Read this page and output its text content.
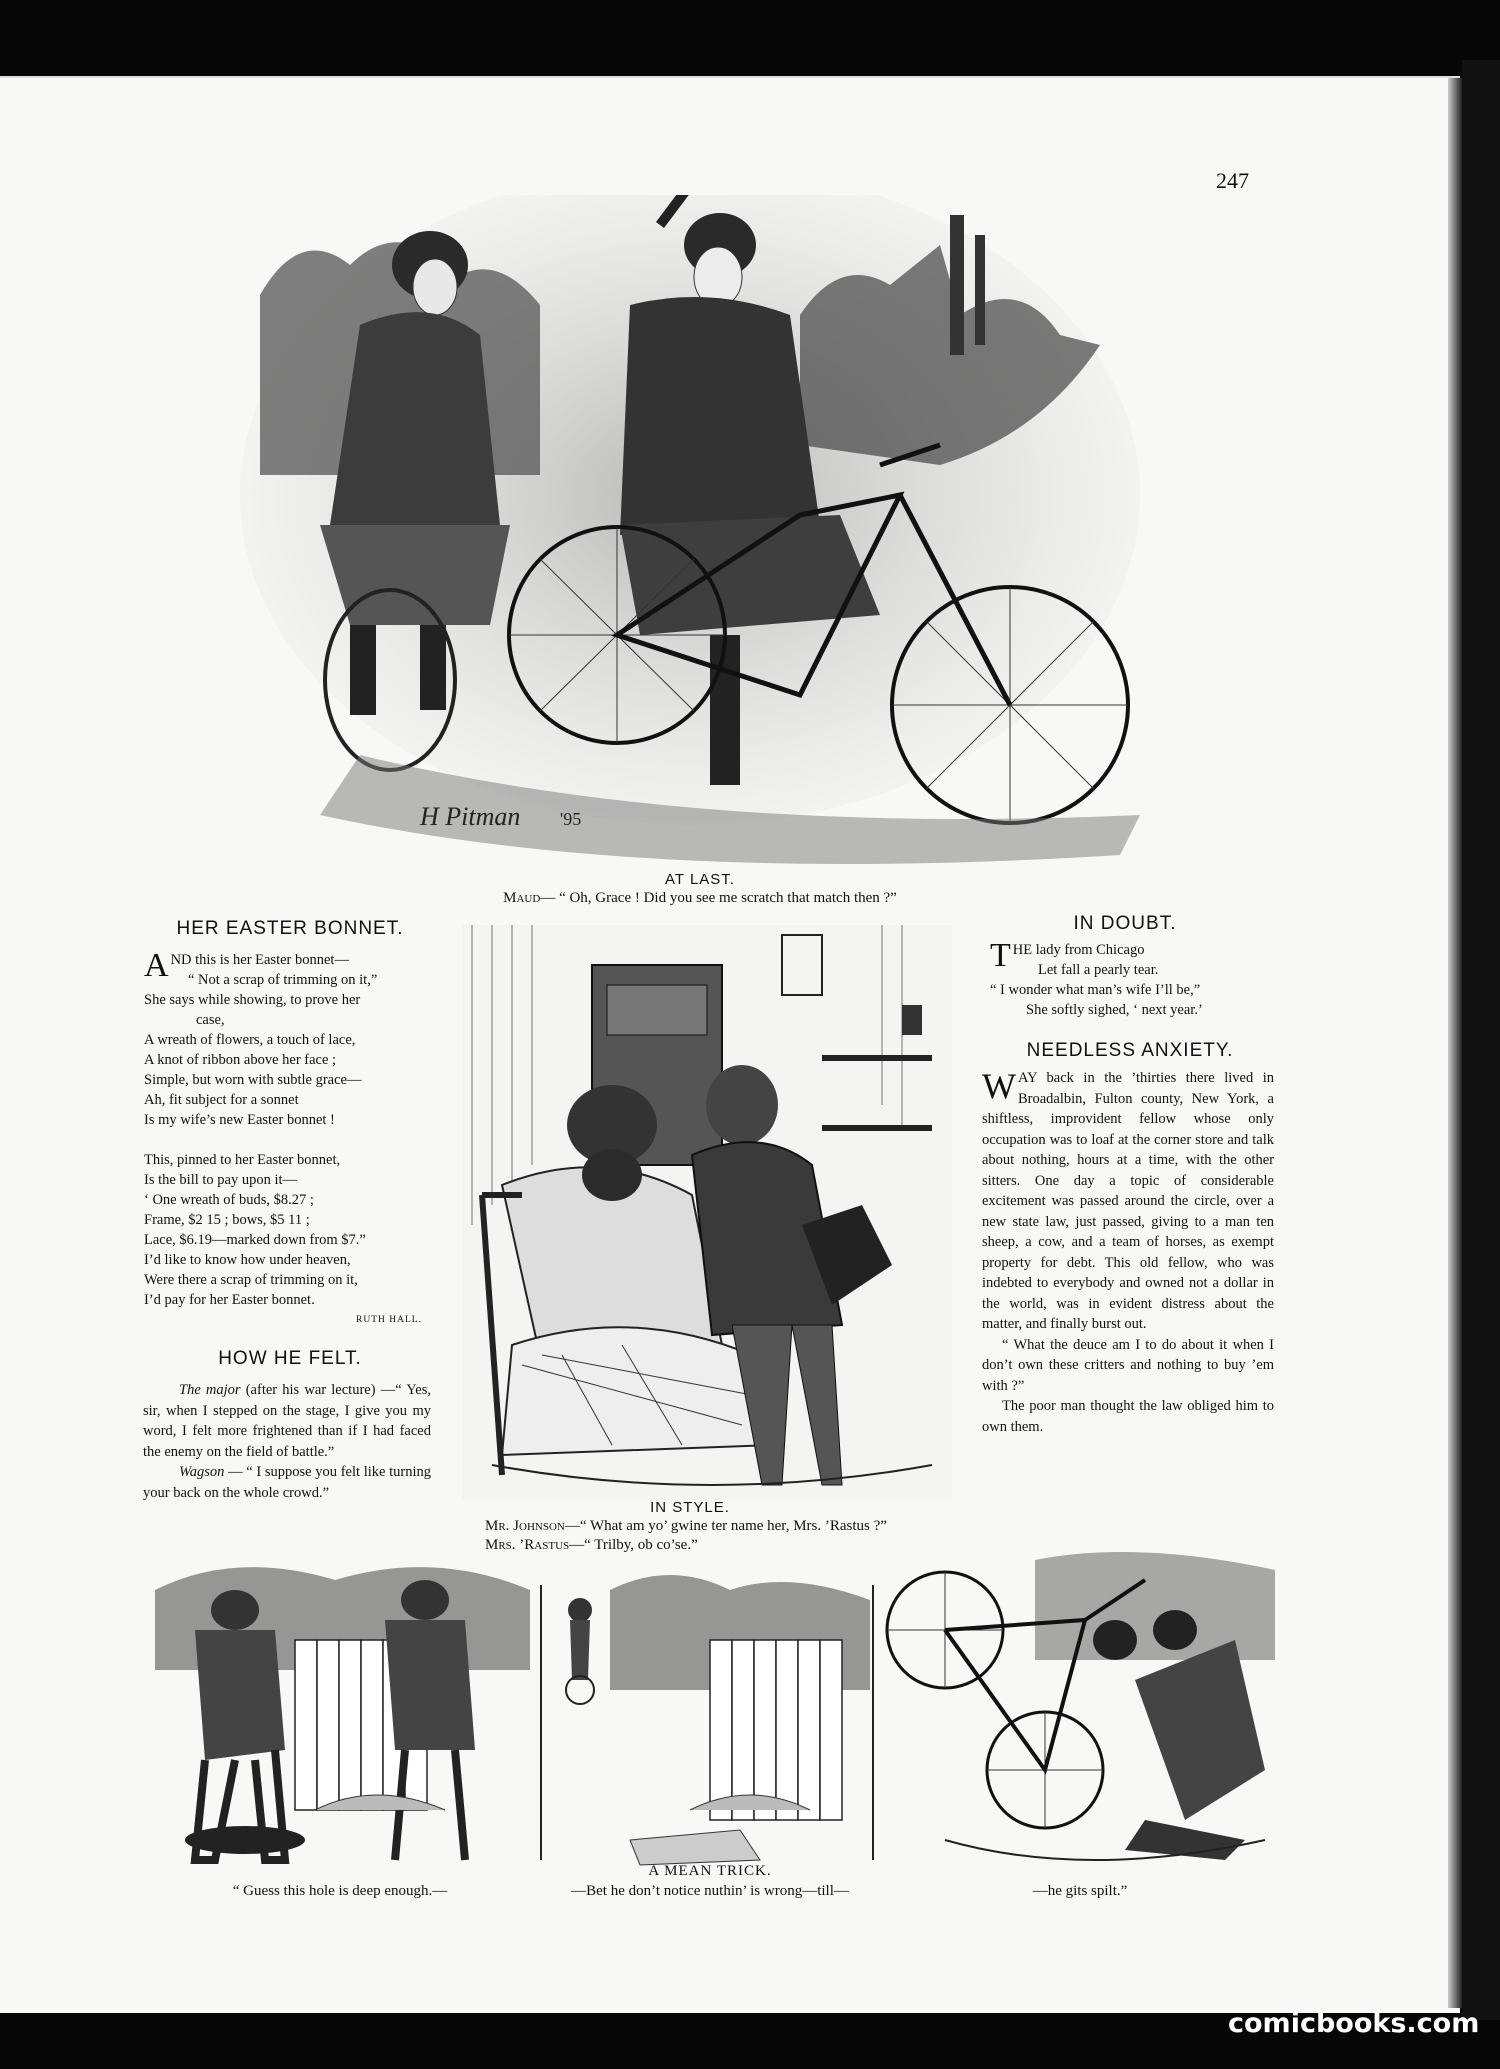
247
H Pitman '95
AT LAST.
Maud— “ Oh, Grace ! Did you see me scratch that match then ?”
HER EASTER BONNET.
AND this is her Easter bonnet—
“ Not a scrap of trimming on it,”
She says while showing, to prove her
case,
A wreath of flowers, a touch of lace,
A knot of ribbon above her face ;
Simple, but worn with subtle grace—
Ah, fit subject for a sonnet
Is my wife’s new Easter bonnet !
This, pinned to her Easter bonnet,
Is the bill to pay upon it—
‘ One wreath of buds, $8.27 ;
Frame, $2 15 ; bows, $5 11 ;
Lace, $6.19—marked down from $7.”
I’d like to know how under heaven,
Were there a scrap of trimming on it,
I’d pay for her Easter bonnet.
RUTH HALL.
HOW HE FELT.
The major (after his war lecture) —“ Yes, sir, when I stepped on the stage, I give you my word, I felt more frightened than if I had faced the enemy on the field of battle.”
Wagson — “ I suppose you felt like turning your back on the whole crowd.”
IN STYLE.
Mr. Johnson—“ What am yo’ gwine ter name her, Mrs. ’Rastus ?”
Mrs. ’Rastus—“ Trilby, ob co’se.”
IN DOUBT.
THE lady from Chicago
Let fall a pearly tear.
“ I wonder what man’s wife I’ll be,”
She softly sighed, ‘ next year.’
NEEDLESS ANXIETY.
WAY back in the ’thirties there lived in Broadalbin, Fulton county, New York, a shiftless, improvident fellow whose only occupation was to loaf at the corner store and talk about nothing, hours at a time, with the other sitters. One day a topic of considerable excitement was passed around the circle, over a new state law, just passed, giving to a man ten sheep, a cow, and a team of horses, as exempt property for debt. This old fellow, who was indebted to everybody and owned not a dollar in the world, was in evident distress about the matter, and finally burst out.
“ What the deuce am I to do about it when I don’t own these critters and nothing to buy ’em with ?”
The poor man thought the law obliged him to own them.
A MEAN TRICK.
“ Guess this hole is deep enough.—	—Bet he don’t notice nuthin’ is wrong—till—	—he gits spilt.”
comicbooks.com
